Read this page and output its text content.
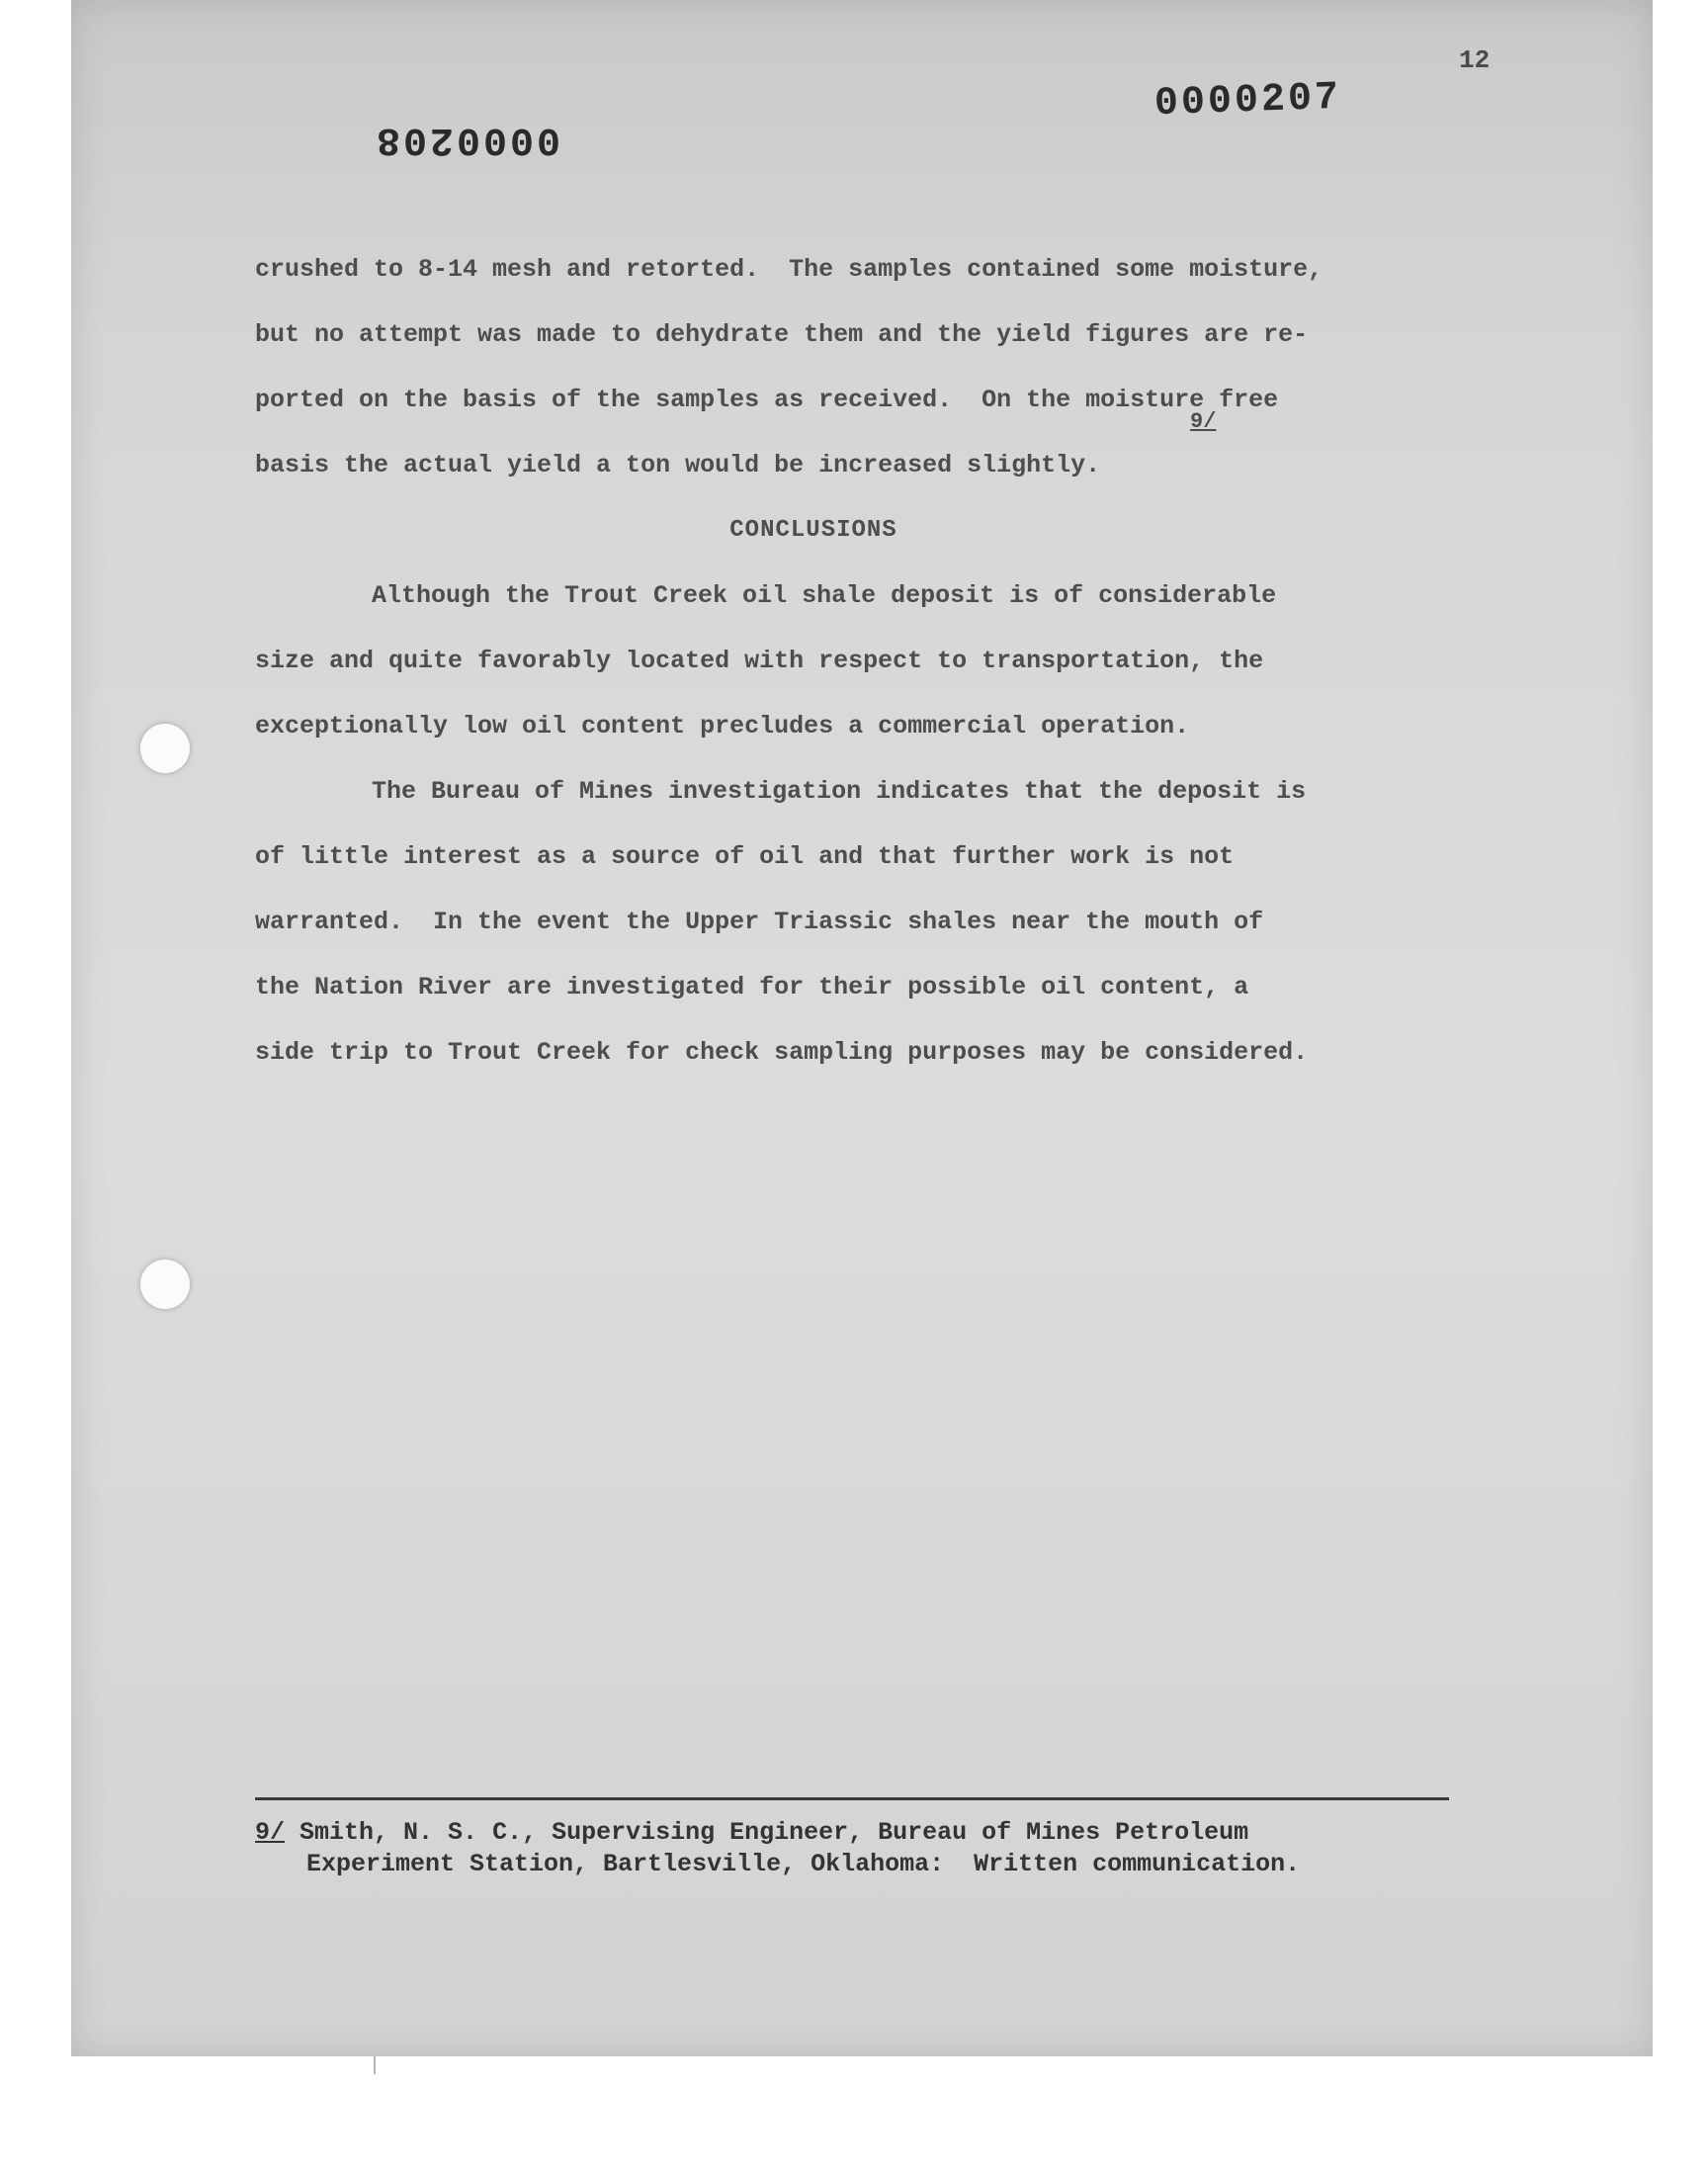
12
0000208
0000207
crushed to 8-14 mesh and retorted.  The samples contained some moisture,
but no attempt was made to dehydrate them and the yield figures are re-
ported on the basis of the samples as received.  On the moisture free
basis the actual yield a ton would be increased slightly.
CONCLUSIONS
Although the Trout Creek oil shale deposit is of considerable
size and quite favorably located with respect to transportation, the
exceptionally low oil content precludes a commercial operation.
The Bureau of Mines investigation indicates that the deposit is
of little interest as a source of oil and that further work is not
warranted.  In the event the Upper Triassic shales near the mouth of
the Nation River are investigated for their possible oil content, a
side trip to Trout Creek for check sampling purposes may be considered.
9/
9/ Smith, N. S. C., Supervising Engineer, Bureau of Mines Petroleum
Experiment Station, Bartlesville, Oklahoma:  Written communication.
